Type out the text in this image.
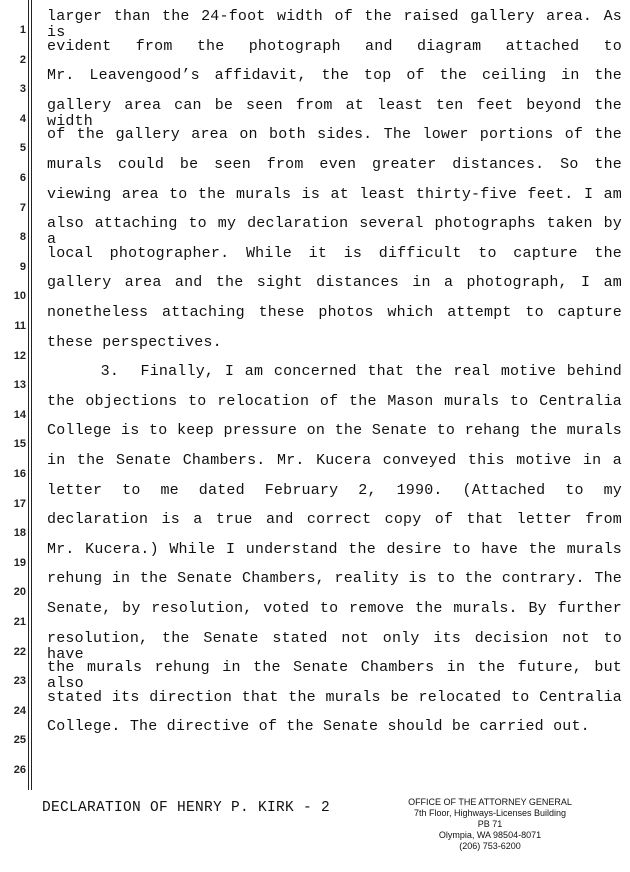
1
2
3
4
5
6
7
8
9
10
11
12
13
14
15
16
17
18
19
20
21
22
23
24
25
26
larger than the 24-foot width of the raised gallery area. As is
evident from the photograph and diagram attached to
Mr. Leavengood’s affidavit, the top of the ceiling in the
gallery area can be seen from at least ten feet beyond the width
of the gallery area on both sides. The lower portions of the
murals could be seen from even greater distances. So the
viewing area to the murals is at least thirty-five feet. I am
also attaching to my declaration several photographs taken by a
local photographer. While it is difficult to capture the
gallery area and the sight distances in a photograph, I am
nonetheless attaching these photos which attempt to capture
these perspectives.
3.  Finally, I am concerned that the real motive behind
the objections to relocation of the Mason murals to Centralia
College is to keep pressure on the Senate to rehang the murals
in the Senate Chambers. Mr. Kucera conveyed this motive in a
letter to me dated February 2, 1990. (Attached to my
declaration is a true and correct copy of that letter from
Mr. Kucera.) While I understand the desire to have the murals
rehung in the Senate Chambers, reality is to the contrary. The
Senate, by resolution, voted to remove the murals. By further
resolution, the Senate stated not only its decision not to have
the murals rehung in the Senate Chambers in the future, but also
stated its direction that the murals be relocated to Centralia
College. The directive of the Senate should be carried out.
DECLARATION OF HENRY P. KIRK - 2	OFFICE OF THE ATTORNEY GENERAL
7th Floor, Highways-Licenses Building
PB 71
Olympia, WA 98504-8071
(206) 753-6200
